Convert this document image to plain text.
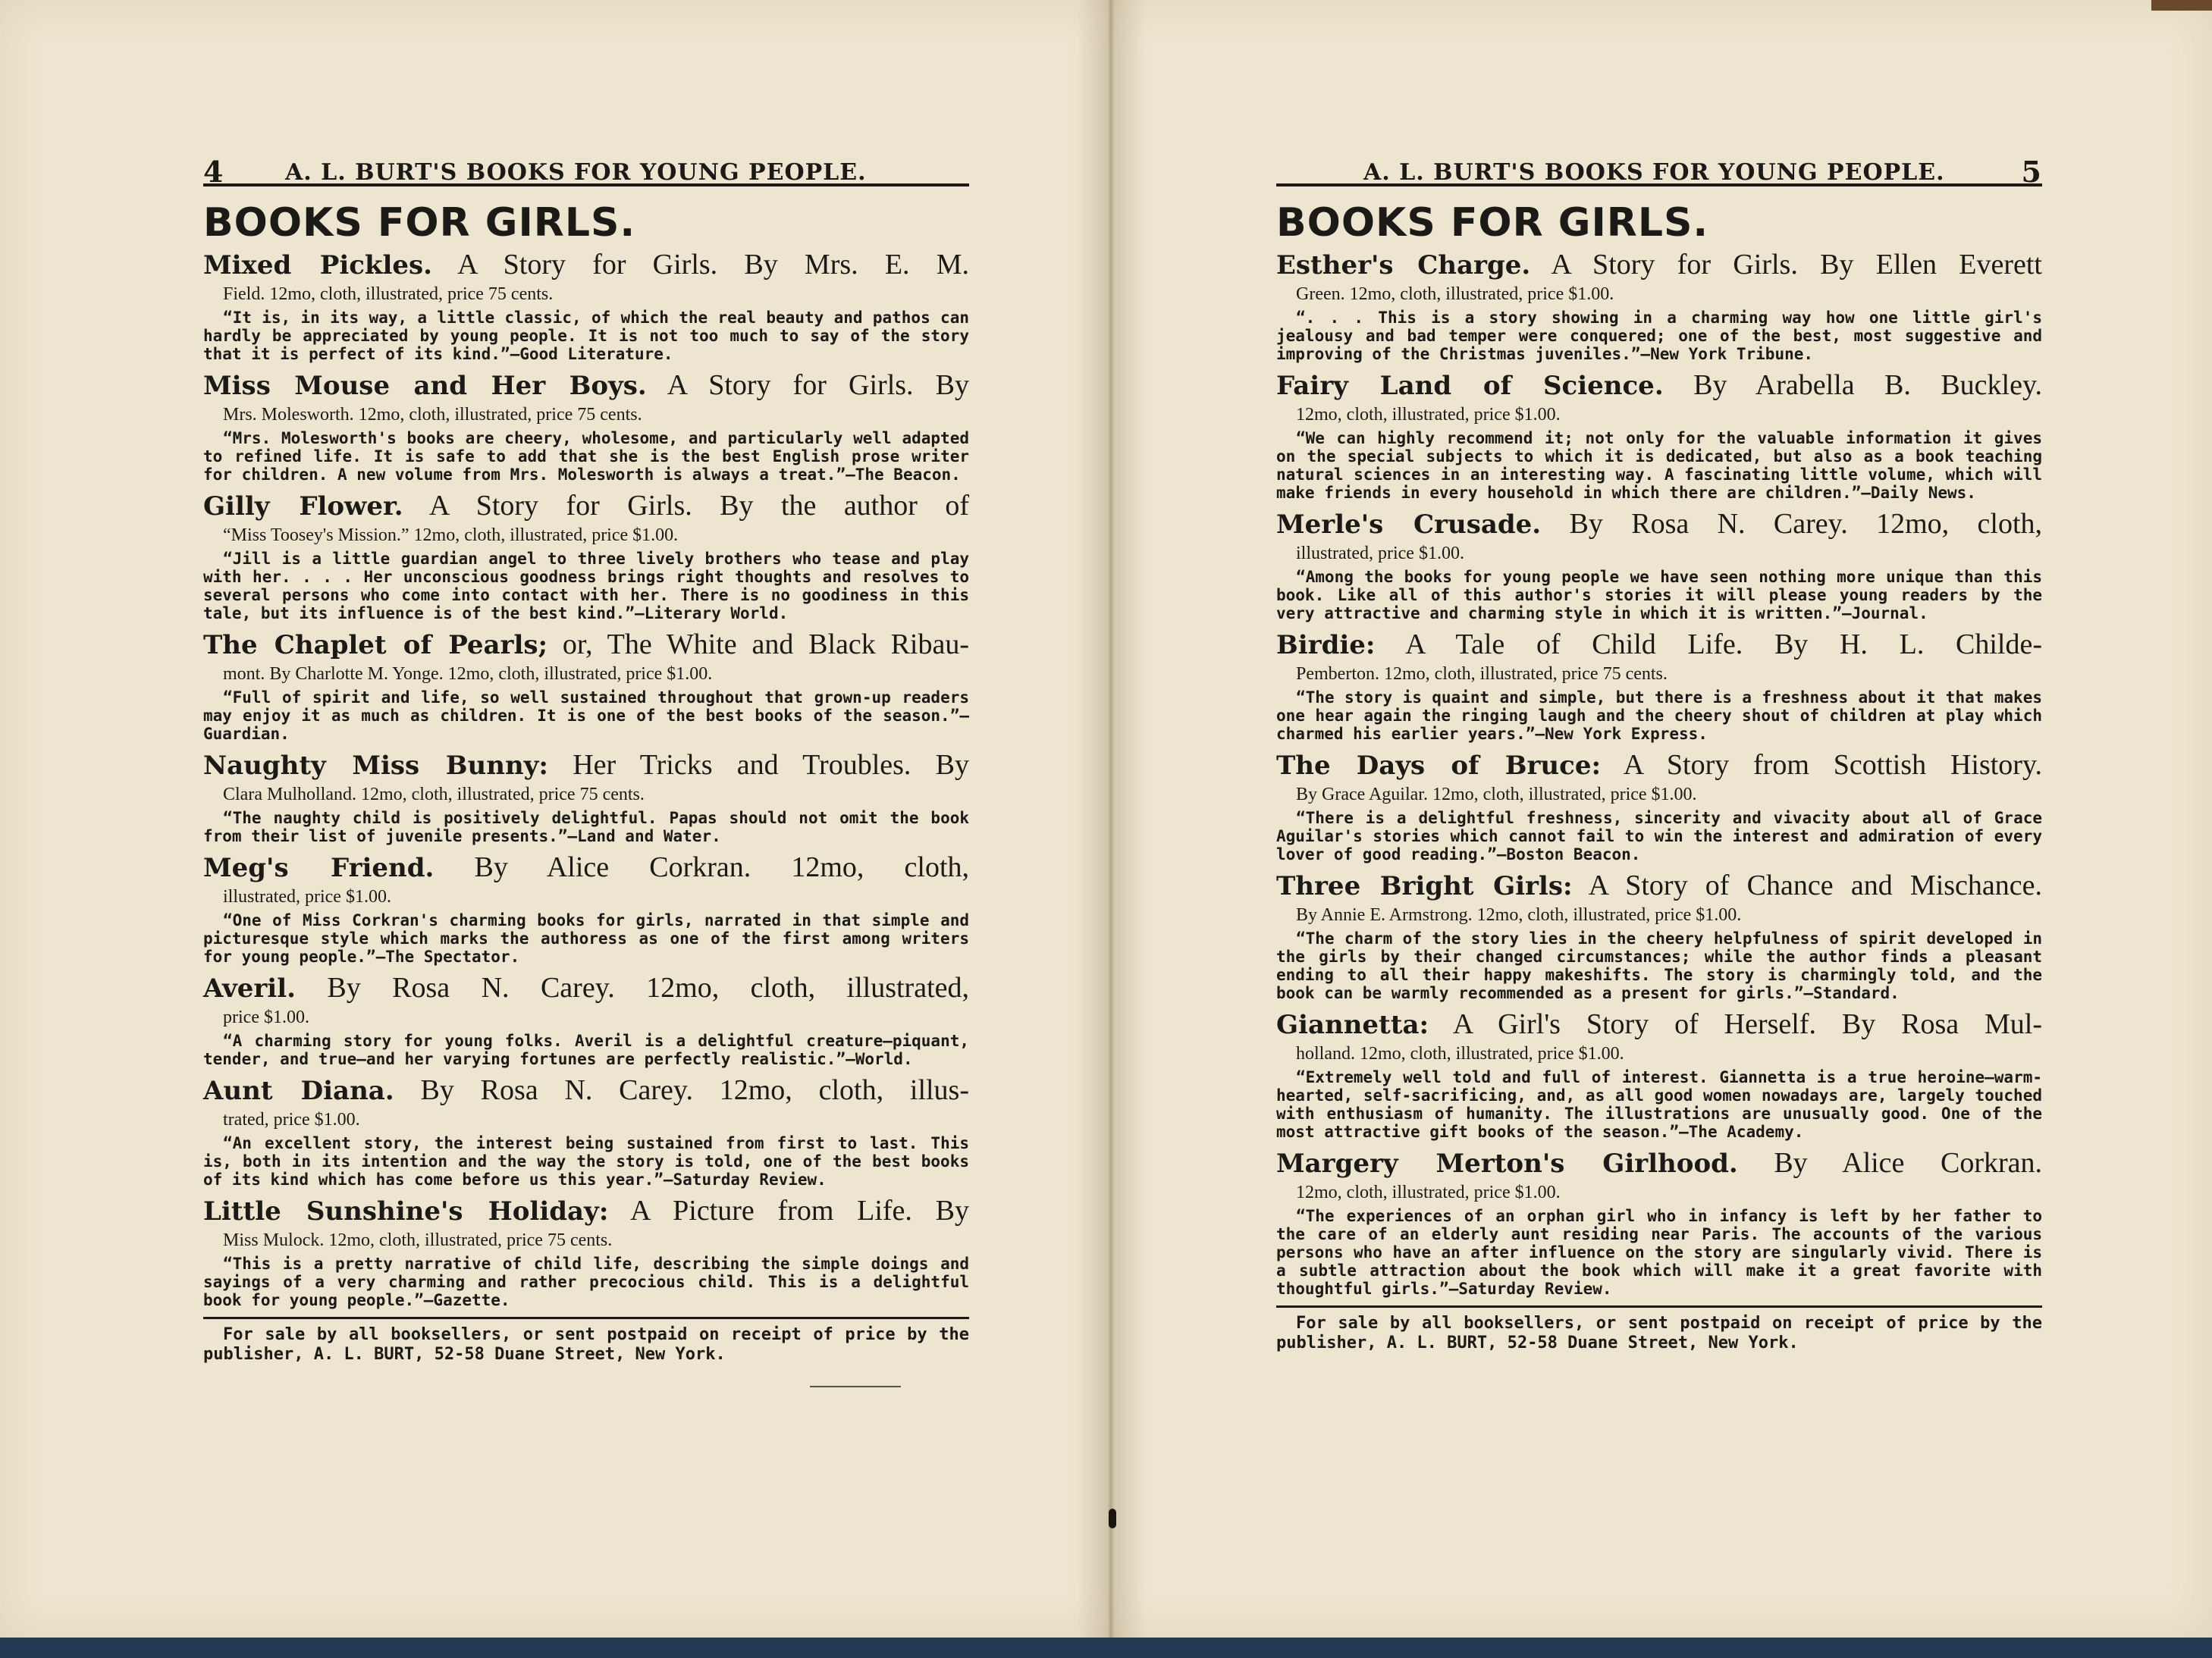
4	A. L. BURT'S BOOKS FOR YOUNG PEOPLE.
BOOKS FOR GIRLS.
Mixed Pickles. A Story for Girls. By Mrs. E. M.
Field. 12mo, cloth, illustrated, price 75 cents.
“It is, in its way, a little classic, of which the real beauty and pathos can hardly be appreciated by young people. It is not too much to say of the story that it is perfect of its kind.”—Good Literature.
Miss Mouse and Her Boys. A Story for Girls. By
Mrs. Molesworth. 12mo, cloth, illustrated, price 75 cents.
“Mrs. Molesworth's books are cheery, wholesome, and particularly well adapted to refined life. It is safe to add that she is the best English prose writer for children. A new volume from Mrs. Molesworth is always a treat.”—The Beacon.
Gilly Flower. A Story for Girls. By the author of
“Miss Toosey's Mission.” 12mo, cloth, illustrated, price $1.00.
“Jill is a little guardian angel to three lively brothers who tease and play with her. . . . Her unconscious goodness brings right thoughts and resolves to several persons who come into contact with her. There is no goodiness in this tale, but its influence is of the best kind.”—Literary World.
The Chaplet of Pearls; or, The White and Black Ribau-
mont. By Charlotte M. Yonge. 12mo, cloth, illustrated, price $1.00.
“Full of spirit and life, so well sustained throughout that grown-up readers may enjoy it as much as children. It is one of the best books of the season.”—Guardian.
Naughty Miss Bunny: Her Tricks and Troubles. By
Clara Mulholland. 12mo, cloth, illustrated, price 75 cents.
“The naughty child is positively delightful. Papas should not omit the book from their list of juvenile presents.”—Land and Water.
Meg's Friend. By Alice Corkran. 12mo, cloth,
illustrated, price $1.00.
“One of Miss Corkran's charming books for girls, narrated in that simple and picturesque style which marks the authoress as one of the first among writers for young people.”—The Spectator.
Averil. By Rosa N. Carey. 12mo, cloth, illustrated,
price $1.00.
“A charming story for young folks. Averil is a delightful creature—piquant, tender, and true—and her varying fortunes are perfectly realistic.”—World.
Aunt Diana. By Rosa N. Carey. 12mo, cloth, illus-
trated, price $1.00.
“An excellent story, the interest being sustained from first to last. This is, both in its intention and the way the story is told, one of the best books of its kind which has come before us this year.”—Saturday Review.
Little Sunshine's Holiday: A Picture from Life. By
Miss Mulock. 12mo, cloth, illustrated, price 75 cents.
“This is a pretty narrative of child life, describing the simple doings and sayings of a very charming and rather precocious child. This is a delightful book for young people.”—Gazette.
For sale by all booksellers, or sent postpaid on receipt of price by the publisher, A. L. BURT, 52-58 Duane Street, New York.
A. L. BURT'S BOOKS FOR YOUNG PEOPLE.	5
BOOKS FOR GIRLS.
Esther's Charge. A Story for Girls. By Ellen Everett
Green. 12mo, cloth, illustrated, price $1.00.
“. . . This is a story showing in a charming way how one little girl's jealousy and bad temper were conquered; one of the best, most suggestive and improving of the Christmas juveniles.”—New York Tribune.
Fairy Land of Science. By Arabella B. Buckley.
12mo, cloth, illustrated, price $1.00.
“We can highly recommend it; not only for the valuable information it gives on the special subjects to which it is dedicated, but also as a book teaching natural sciences in an interesting way. A fascinating little volume, which will make friends in every household in which there are children.”—Daily News.
Merle's Crusade. By Rosa N. Carey. 12mo, cloth,
illustrated, price $1.00.
“Among the books for young people we have seen nothing more unique than this book. Like all of this author's stories it will please young readers by the very attractive and charming style in which it is written.”—Journal.
Birdie: A Tale of Child Life. By H. L. Childe-
Pemberton. 12mo, cloth, illustrated, price 75 cents.
“The story is quaint and simple, but there is a freshness about it that makes one hear again the ringing laugh and the cheery shout of children at play which charmed his earlier years.”—New York Express.
The Days of Bruce: A Story from Scottish History.
By Grace Aguilar. 12mo, cloth, illustrated, price $1.00.
“There is a delightful freshness, sincerity and vivacity about all of Grace Aguilar's stories which cannot fail to win the interest and admiration of every lover of good reading.”—Boston Beacon.
Three Bright Girls: A Story of Chance and Mischance.
By Annie E. Armstrong. 12mo, cloth, illustrated, price $1.00.
“The charm of the story lies in the cheery helpfulness of spirit developed in the girls by their changed circumstances; while the author finds a pleasant ending to all their happy makeshifts. The story is charmingly told, and the book can be warmly recommended as a present for girls.”—Standard.
Giannetta: A Girl's Story of Herself. By Rosa Mul-
holland. 12mo, cloth, illustrated, price $1.00.
“Extremely well told and full of interest. Giannetta is a true heroine—warm-hearted, self-sacrificing, and, as all good women nowadays are, largely touched with enthusiasm of humanity. The illustrations are unusually good. One of the most attractive gift books of the season.”—The Academy.
Margery Merton's Girlhood. By Alice Corkran.
12mo, cloth, illustrated, price $1.00.
“The experiences of an orphan girl who in infancy is left by her father to the care of an elderly aunt residing near Paris. The accounts of the various persons who have an after influence on the story are singularly vivid. There is a subtle attraction about the book which will make it a great favorite with thoughtful girls.”—Saturday Review.
For sale by all booksellers, or sent postpaid on receipt of price by the publisher, A. L. BURT, 52-58 Duane Street, New York.
